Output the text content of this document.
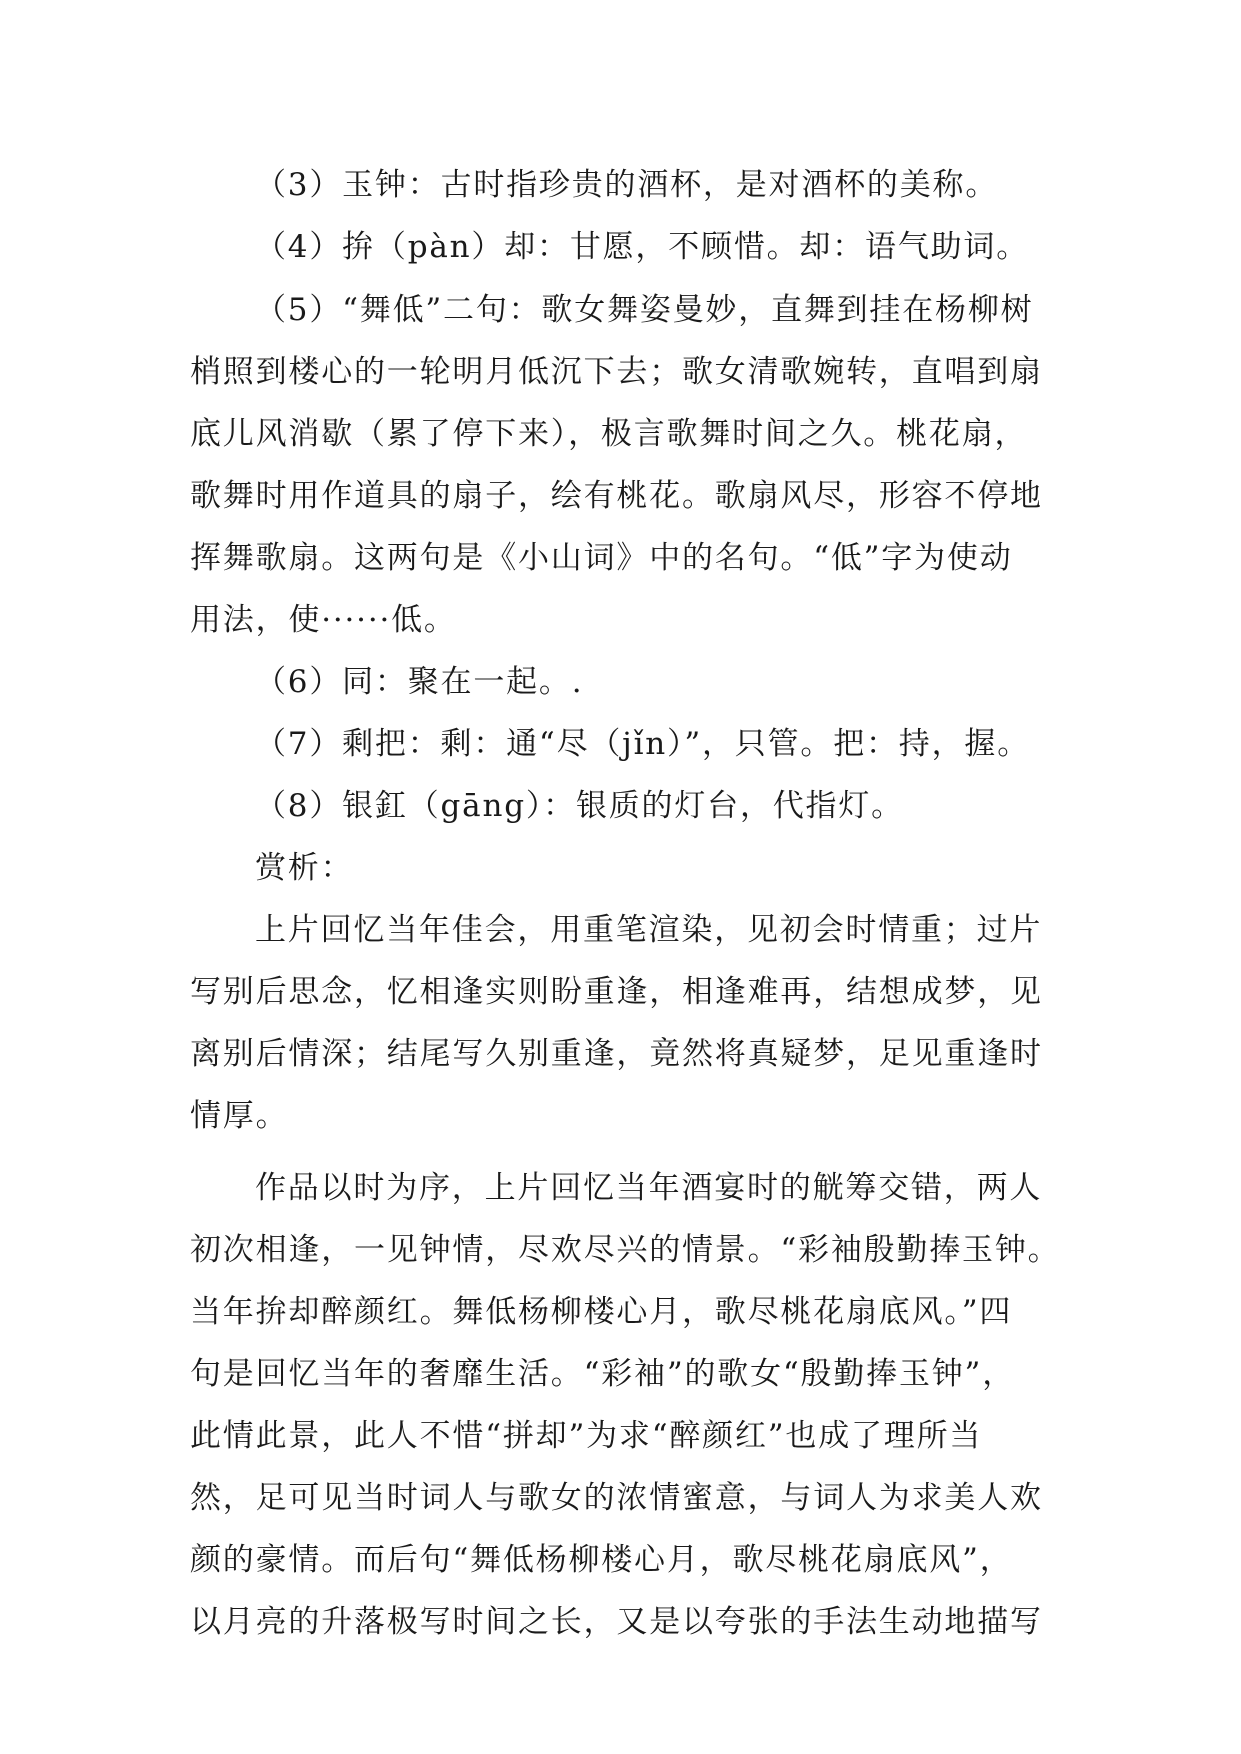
（3）玉钟：古时指珍贵的酒杯，是对酒杯的美称。
（4）拚（pàn）却：甘愿，不顾惜。却：语气助词。
（5）“舞低”二句：歌女舞姿曼妙，直舞到挂在杨柳树
梢照到楼心的一轮明月低沉下去；歌女清歌婉转，直唱到扇
底儿风消歇（累了停下来），极言歌舞时间之久。桃花扇，
歌舞时用作道具的扇子，绘有桃花。歌扇风尽，形容不停地
挥舞歌扇。这两句是《小山词》中的名句。“低”字为使动
用法，使······低。
（6）同：聚在一起。.
（7）剩把：剩：通“尽（jǐn）”，只管。把：持，握。
（8）银釭（gāng）：银质的灯台，代指灯。
赏析：
上片回忆当年佳会，用重笔渲染，见初会时情重；过片
写别后思念，忆相逢实则盼重逢，相逢难再，结想成梦，见
离别后情深；结尾写久别重逢，竟然将真疑梦，足见重逢时
情厚。
作品以时为序，上片回忆当年酒宴时的觥筹交错，两人
初次相逢，一见钟情，尽欢尽兴的情景。“彩袖殷勤捧玉钟。
当年拚却醉颜红。舞低杨柳楼心月，歌尽桃花扇底风。”四
句是回忆当年的奢靡生活。“彩袖”的歌女“殷勤捧玉钟”，
此情此景，此人不惜“拼却”为求“醉颜红”也成了理所当
然，足可见当时词人与歌女的浓情蜜意，与词人为求美人欢
颜的豪情。而后句“舞低杨柳楼心月，歌尽桃花扇底风”，
以月亮的升落极写时间之长，又是以夸张的手法生动地描写
